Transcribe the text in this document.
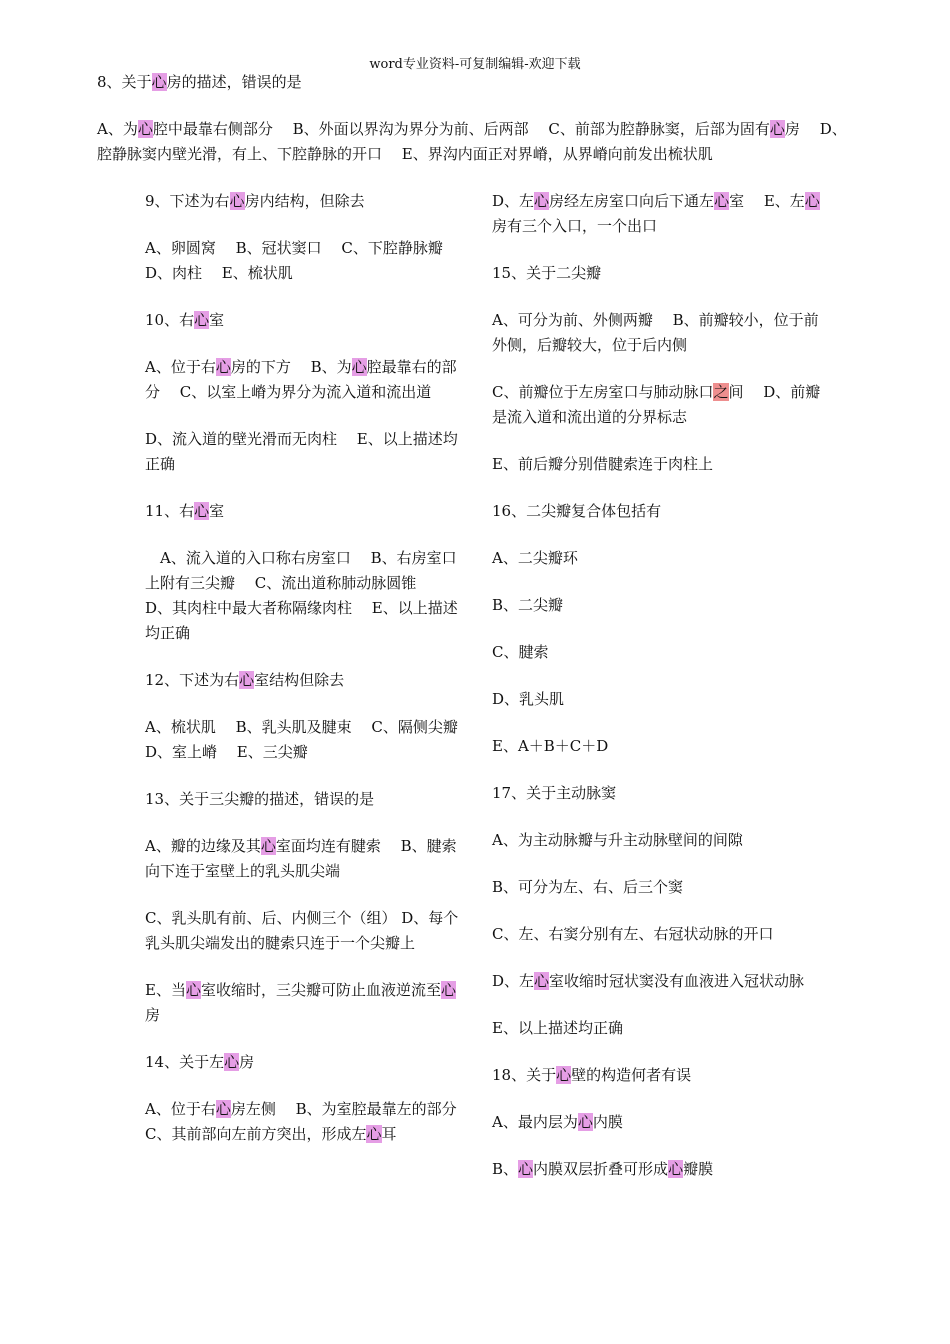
word专业资料-可复制编辑-欢迎下载

8、关于心房的描述，错误的是

A、为心腔中最靠右侧部分　 B、外面以界沟为界分为前、后两部　 C、前部为腔静脉窦，后部为固有心房　 D、腔静脉窦内壁光滑，有上、下腔静脉的开口　 E、界沟内面正对界嵴，从界嵴向前发出梳状肌

9、下述为右心房内结构，但除去

A、卵圆窝　 B、冠状窦口　 C、下腔静脉瓣　 D、肉柱　 E、梳状肌

10、右心室

A、位于右心房的下方　 B、为心腔最靠右的部分　 C、以室上嵴为界分为流入道和流出道

D、流入道的壁光滑而无肉柱　 E、以上描述均正确

11、右心室

　A、流入道的入口称右房室口　 B、右房室口上附有三尖瓣　 C、流出道称肺动脉圆锥　 D、其肉柱中最大者称隔缘肉柱　 E、以上描述均正确

12、下述为右心室结构但除去

A、梳状肌　 B、乳头肌及腱束　 C、隔侧尖瓣　 D、室上嵴　 E、三尖瓣

13、关于三尖瓣的描述，错误的是

A、瓣的边缘及其心室面均连有腱索　 B、腱索向下连于室壁上的乳头肌尖端

C、乳头肌有前、后、内侧三个（组） D、每个乳头肌尖端发出的腱索只连于一个尖瓣上

E、当心室收缩时，三尖瓣可防止血液逆流至心房

14、关于左心房

A、位于右心房左侧　 B、为室腔最靠左的部分　 C、其前部向左前方突出，形成左心耳

D、左心房经左房室口向后下通左心室　 E、左心房有三个入口，一个出口

15、关于二尖瓣

A、可分为前、外侧两瓣　 B、前瓣较小，位于前外侧，后瓣较大，位于后内侧

C、前瓣位于左房室口与肺动脉口之间　 D、前瓣是流入道和流出道的分界标志

E、前后瓣分别借腱索连于肉柱上

16、二尖瓣复合体包括有

A、二尖瓣环

B、二尖瓣

C、腱索

D、乳头肌

E、A＋B＋C＋D

17、关于主动脉窦

A、为主动脉瓣与升主动脉壁间的间隙

B、可分为左、右、后三个窦

C、左、右窦分别有左、右冠状动脉的开口

D、左心室收缩时冠状窦没有血液进入冠状动脉

E、以上描述均正确

18、关于心壁的构造何者有误

A、最内层为心内膜

B、心内膜双层折叠可形成心瓣膜
